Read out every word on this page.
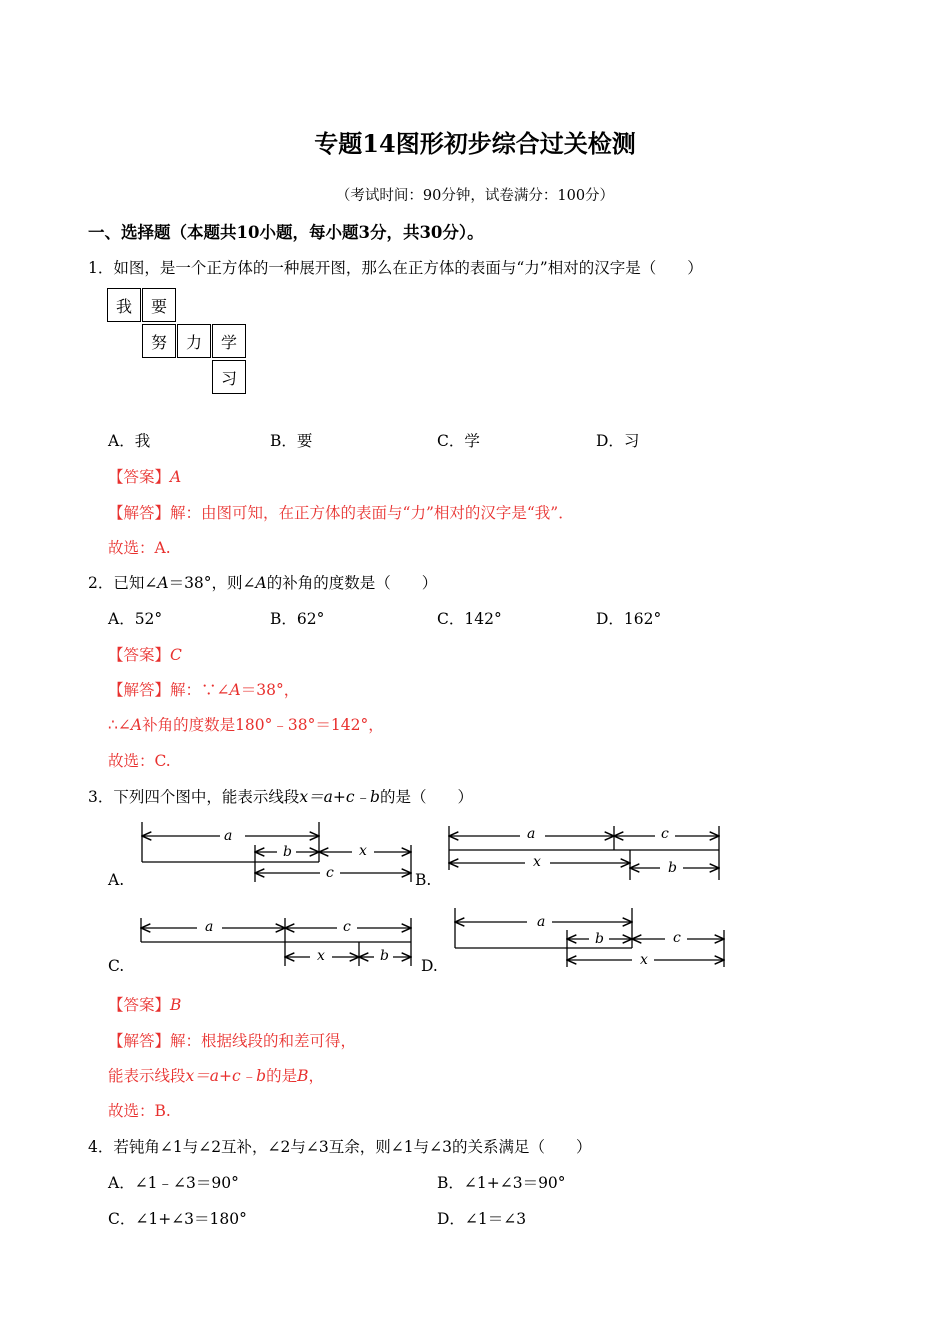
专题14图形初步综合过关检测
（考试时间：90分钟，试卷满分：100分）
一、选择题（本题共10小题，每小题3分，共30分）。
1．如图，是一个正方体的一种展开图，那么在正方体的表面与“力”相对的汉字是（　　）
我	要
努	力	学
习
A．我	B．要	C．学	D．习
【答案】A
【解答】解：由图可知，在正方体的表面与“力”相对的汉字是“我”．
故选：A.
2．已知∠A＝38°，则∠A的补角的度数是（　　）
A．52°	B．62°	C．142°	D．162°
【答案】C
【解答】解：∵∠A＝38°，
∴∠A补角的度数是180°﹣38°＝142°，
故选：C.
3．下列四个图中，能表示线段x＝a+c﹣b的是（　　）
a
b	x
c
a	c
x	b
a	c
x	b
a
b	c
x
A.	B.
C.	D.
【答案】B
【解答】解：根据线段的和差可得，
能表示线段x＝a+c﹣b的是B，
故选：B.
4．若钝角∠1与∠2互补，∠2与∠3互余，则∠1与∠3的关系满足（　　）
A．∠1﹣∠3＝90°	B．∠1+∠3＝90°
C．∠1+∠3＝180°	D．∠1＝∠3
